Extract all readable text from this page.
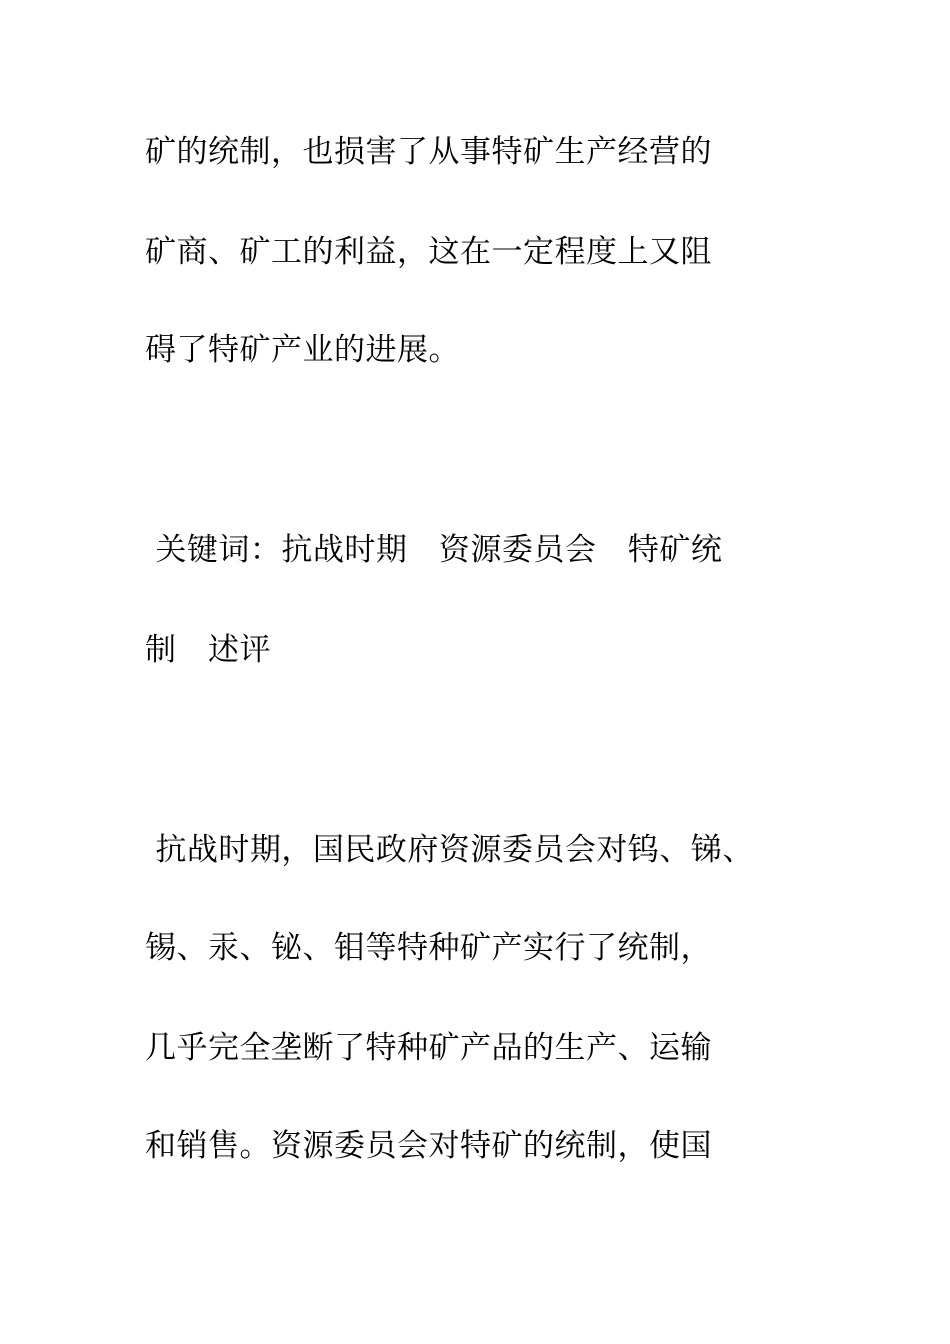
矿的统制，也损害了从事特矿生产经营的
矿商、矿工的利益，这在一定程度上又阻
碍了特矿产业的进展。
关键词：抗战时期　资源委员会　特矿统
制　述评
抗战时期，国民政府资源委员会对钨、锑、
锡、汞、铋、钼等特种矿产实行了统制，
几乎完全垄断了特种矿产品的生产、运输
和销售。资源委员会对特矿的统制，使国
